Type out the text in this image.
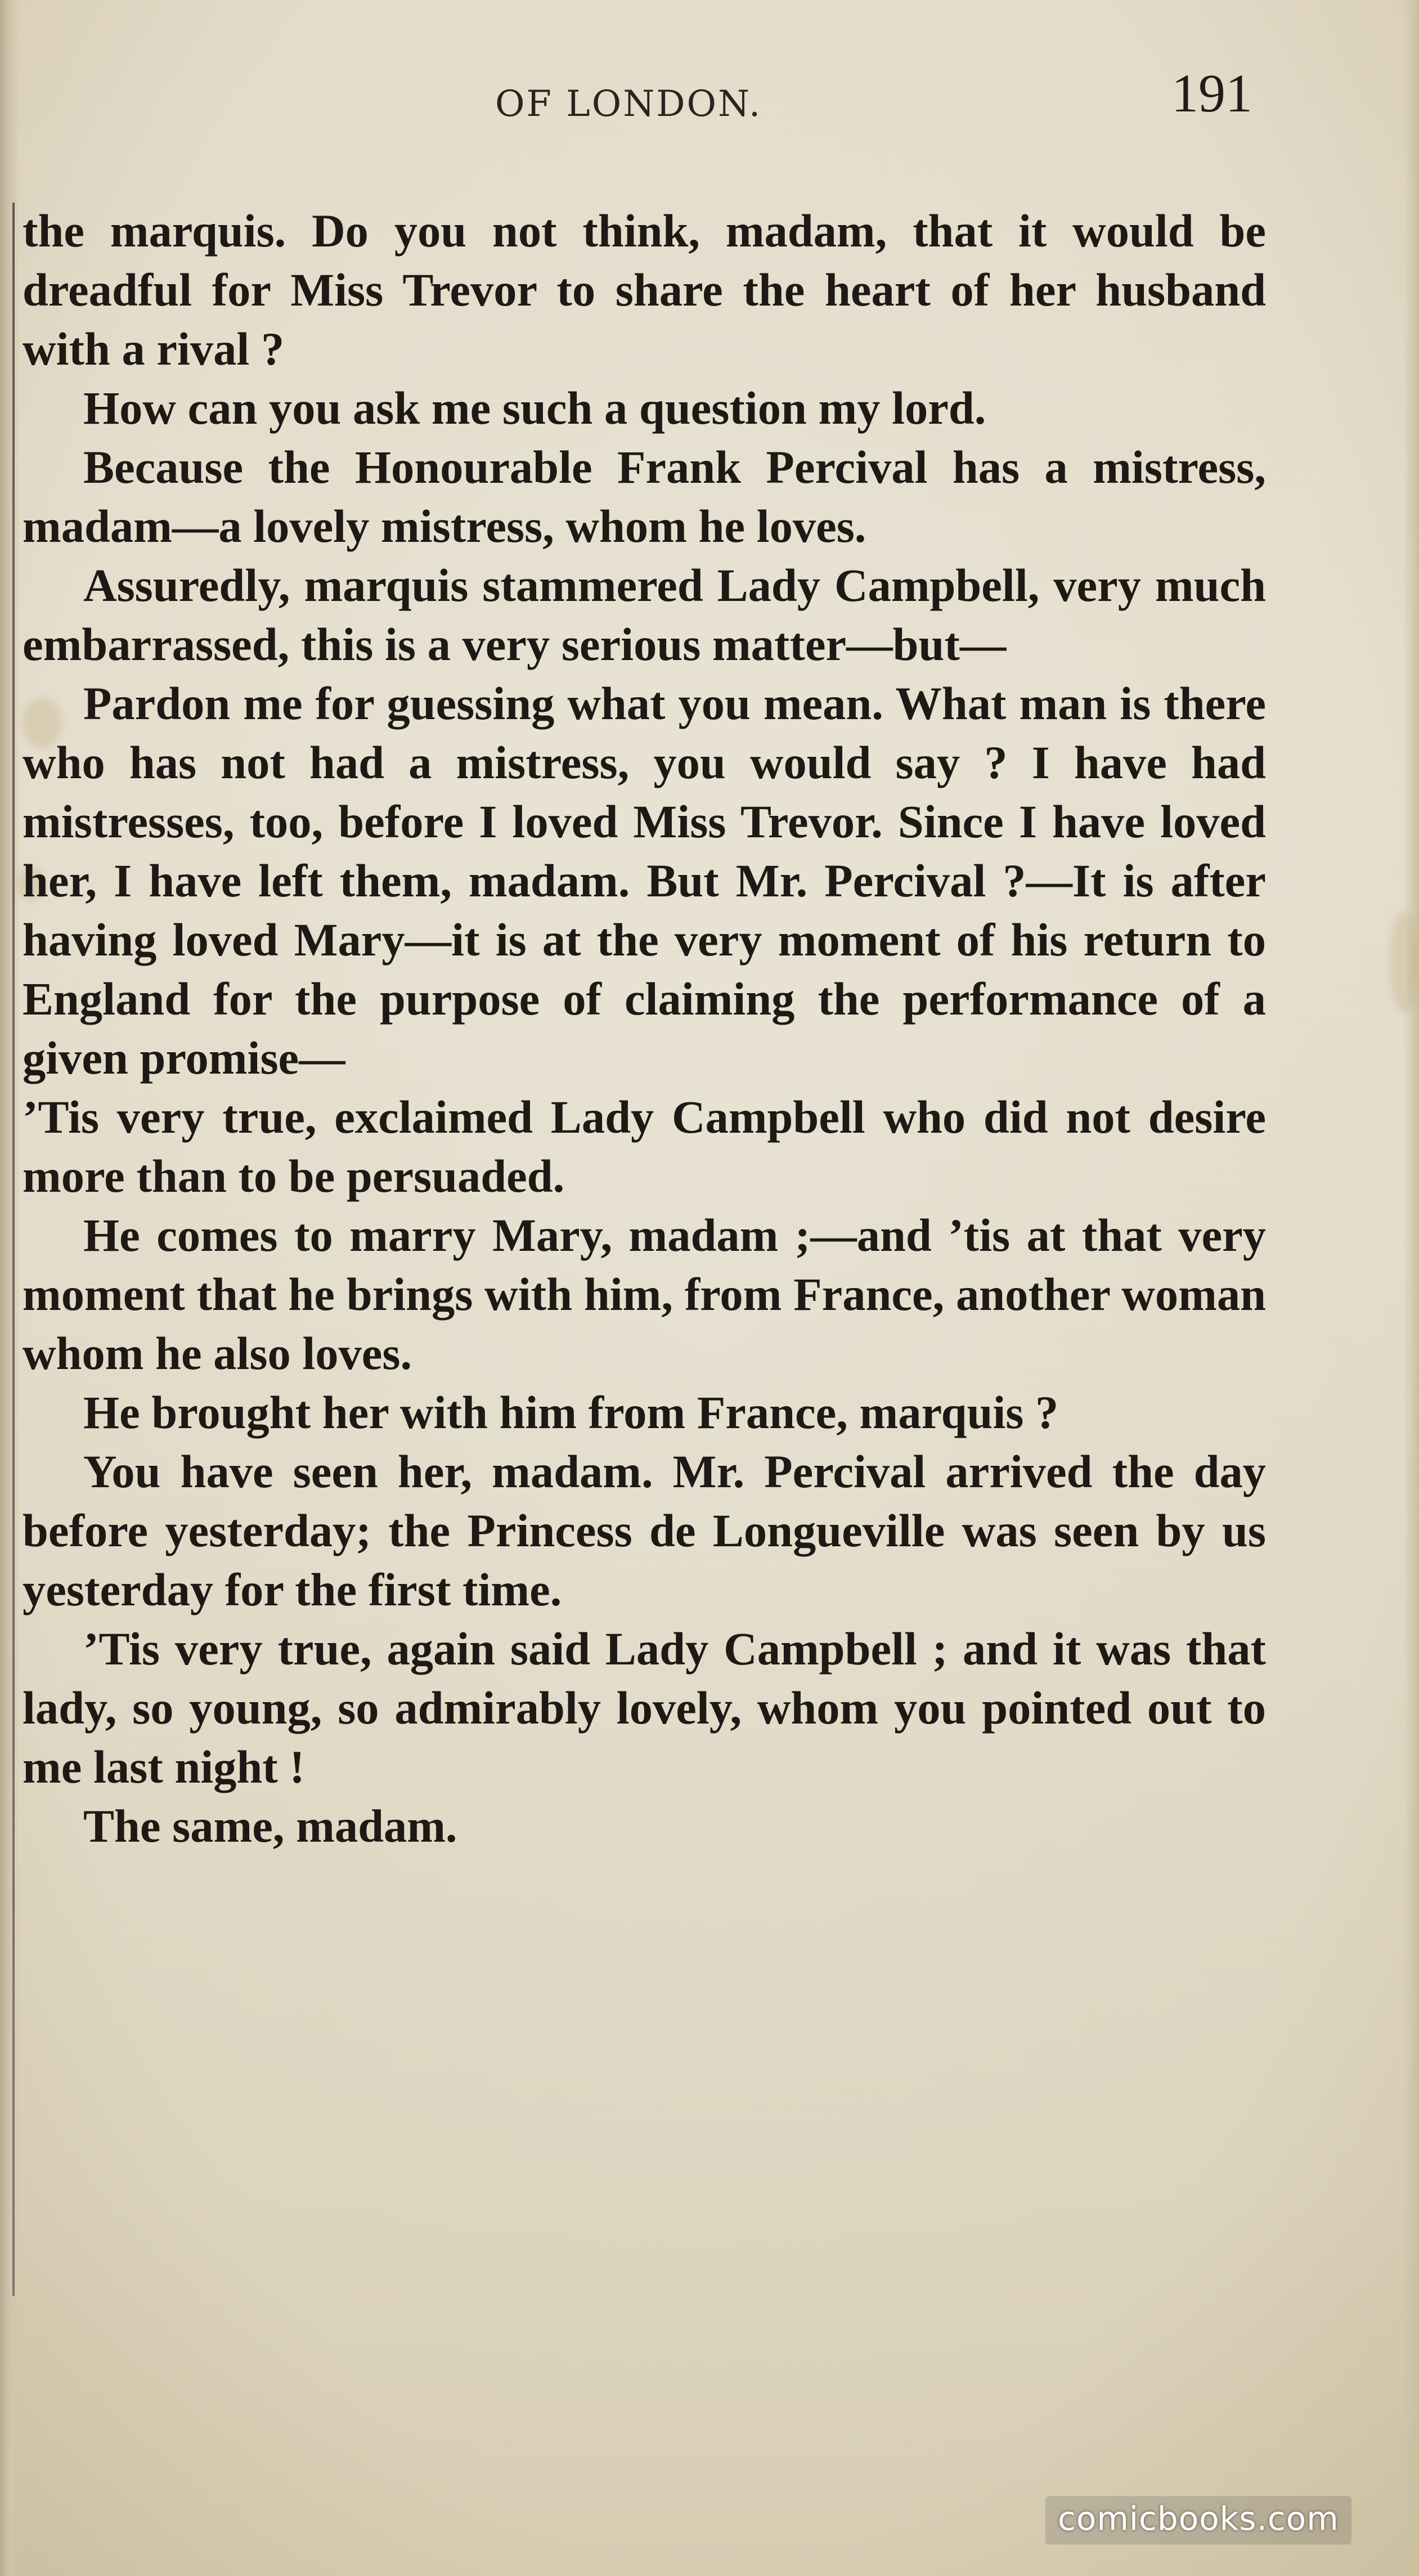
OF LONDON.	191

the marquis. Do you not think, madam, that it would be dreadful for Miss Trevor to share the heart of her husband with a rival ?

How can you ask me such a question my lord.

Because the Honourable Frank Percival has a mistress, madam—a lovely mistress, whom he loves.

Assuredly, marquis stammered Lady Campbell, very much embarrassed, this is a very serious matter—but—

Pardon me for guessing what you mean. What man is there who has not had a mistress, you would say ? I have had mistresses, too, before I loved Miss Trevor. Since I have loved her, I have left them, madam. But Mr. Percival ?—It is after having loved Mary—it is at the very moment of his return to England for the purpose of claiming the performance of a given promise—

’Tis very true, exclaimed Lady Campbell who did not desire more than to be persuaded.

He comes to marry Mary, madam ;—and ’tis at that very moment that he brings with him, from France, another woman whom he also loves.

He brought her with him from France, marquis ?

You have seen her, madam. Mr. Percival arrived the day before yesterday; the Princess de Longueville was seen by us yesterday for the first time.

’Tis very true, again said Lady Campbell ; and it was that lady, so young, so admirably lovely, whom you pointed out to me last night !

The same, madam.

comicbooks.com
